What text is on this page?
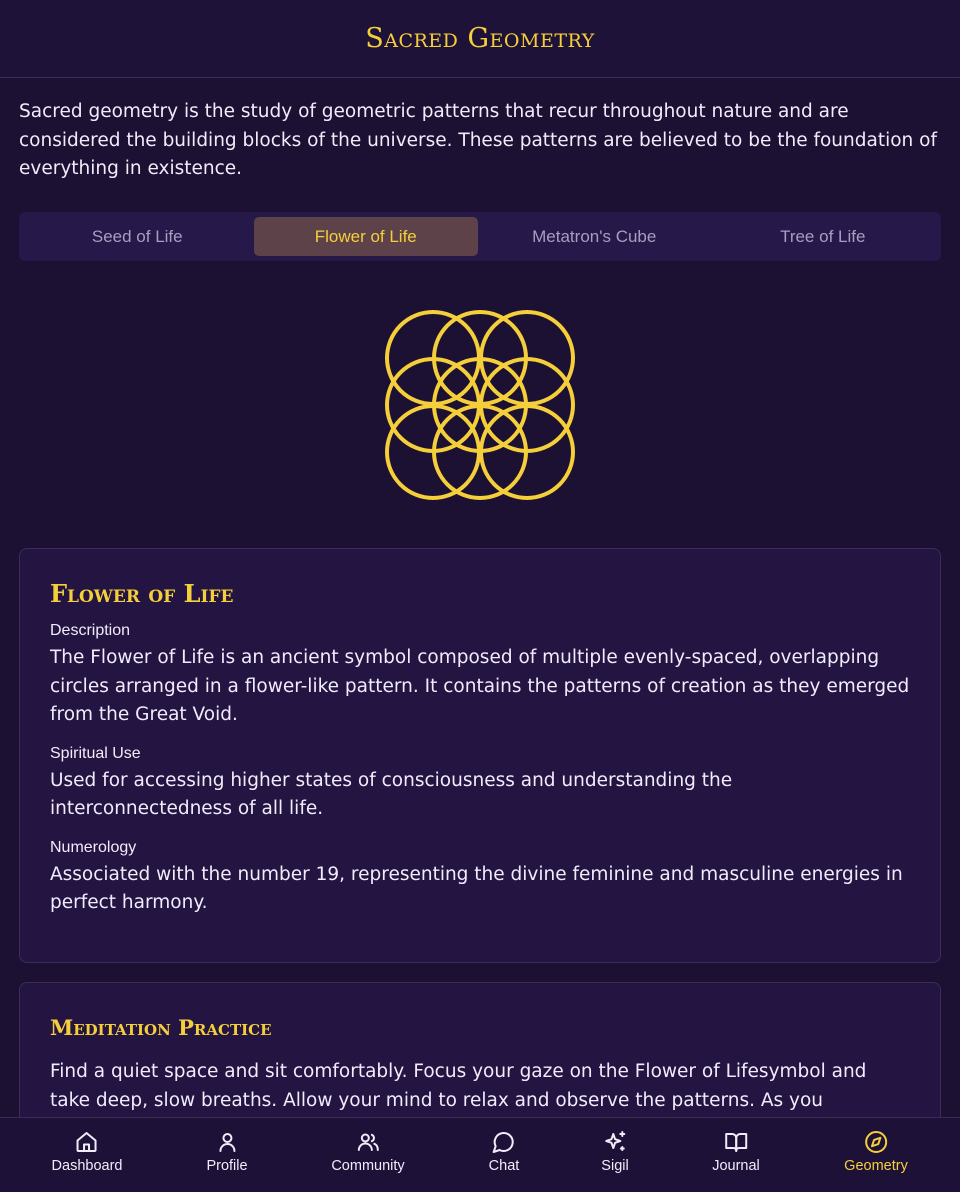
Sacred Geometry

Sacred geometry is the study of geometric patterns that recur throughout nature and are considered the building blocks of the universe. These patterns are believed to be the foundation of everything in existence.

Seed of Life	Flower of Life	Metatron's Cube	Tree of Life
Flower of Life
Description
The Flower of Life is an ancient symbol composed of multiple evenly-spaced, overlapping circles arranged in a flower-like pattern. It contains the patterns of creation as they emerged from the Great Void.
Spiritual Use
Used for accessing higher states of consciousness and understanding the interconnectedness of all life.
Numerology
Associated with the number 19, representing the divine feminine and masculine energies in perfect harmony.
Meditation Practice
Find a quiet space and sit comfortably. Focus your gaze on the Flower of Lifesymbol and take deep, slow breaths. Allow your mind to relax and observe the patterns. As you
Dashboard	Profile	Community	Chat	Sigil	Journal	Geometry
